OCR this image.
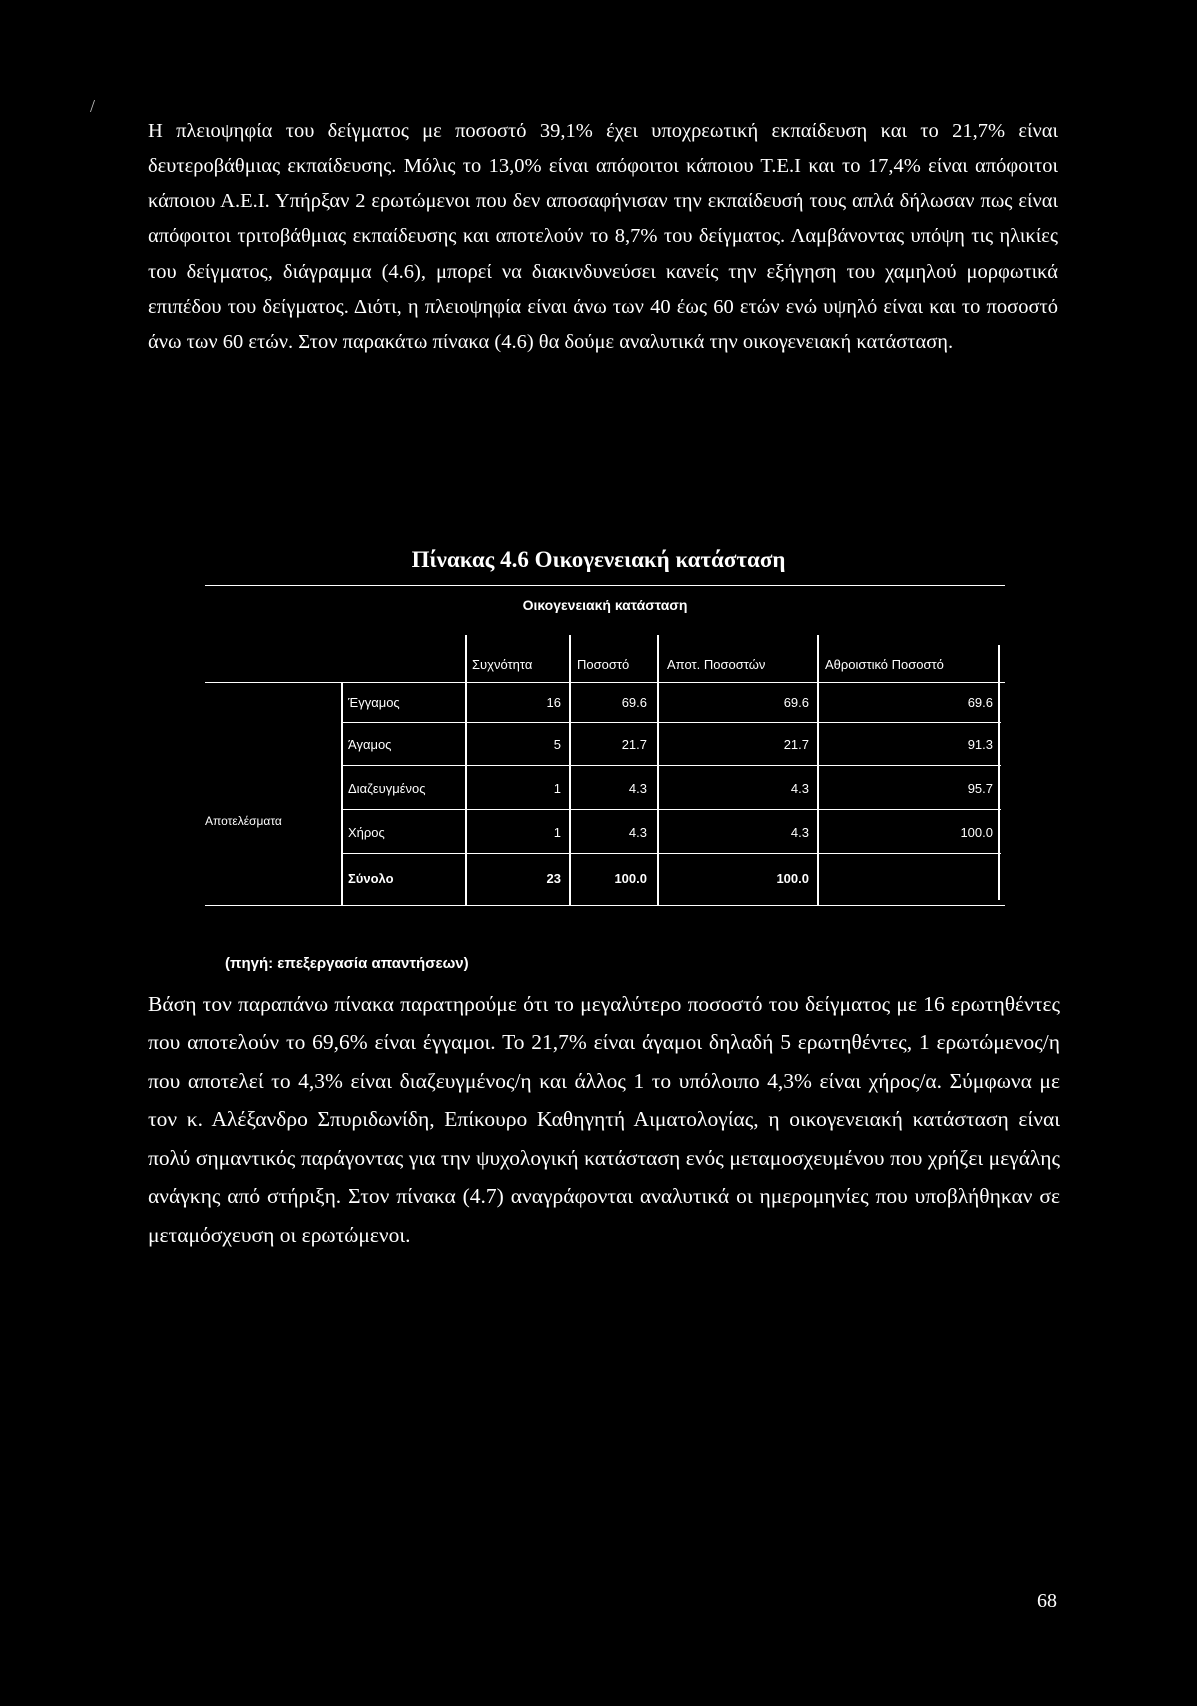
/

Η πλειοψηφία του δείγματος με ποσοστό 39,1% έχει υποχρεωτική εκπαίδευση και το 21,7% είναι δευτεροβάθμιας εκπαίδευσης. Μόλις το 13,0% είναι απόφοιτοι κάποιου Τ.Ε.Ι και το 17,4% είναι απόφοιτοι κάποιου Α.Ε.Ι. Υπήρξαν 2 ερωτώμενοι που δεν αποσαφήνισαν την εκπαίδευσή τους απλά δήλωσαν πως είναι απόφοιτοι τριτοβάθμιας εκπαίδευσης και αποτελούν το 8,7% του δείγματος. Λαμβάνοντας υπόψη τις ηλικίες του δείγματος, διάγραμμα (4.6), μπορεί να διακινδυνεύσει κανείς την εξήγηση του χαμηλού μορφωτικά επιπέδου του δείγματος. Διότι, η πλειοψηφία είναι άνω των 40 έως 60 ετών ενώ υψηλό είναι και το ποσοστό άνω των 60 ετών. Στον παρακάτω πίνακα (4.6) θα δούμε αναλυτικά την οικογενειακή κατάσταση.

Πίνακας 4.6 Οικογενειακή κατάσταση
Οικογενειακή κατάσταση
Συχνότητα	Ποσοστό	Αποτ. Ποσοστών	Αθροιστικό Ποσοστό
Αποτελέσματα
Έγγαμος	16	69.6	69.6	69.6
Άγαμος	5	21.7	21.7	91.3
Διαζευγμένος	1	4.3	4.3	95.7
Χήρος	1	4.3	4.3	100.0
Σύνολο	23	100.0	100.0
(πηγή: επεξεργασία απαντήσεων)

Βάση τον παραπάνω πίνακα παρατηρούμε ότι το μεγαλύτερο ποσοστό του δείγματος με 16 ερωτηθέντες που αποτελούν το 69,6% είναι έγγαμοι. Το 21,7% είναι άγαμοι δηλαδή 5 ερωτηθέντες, 1 ερωτώμενος/η που αποτελεί το 4,3% είναι διαζευγμένος/η και άλλος 1 το υπόλοιπο 4,3% είναι χήρος/α. Σύμφωνα με τον κ. Αλέξανδρο Σπυριδωνίδη, Επίκουρο Καθηγητή Αιματολογίας, η οικογενειακή κατάσταση είναι πολύ σημαντικός παράγοντας για την ψυχολογική κατάσταση ενός μεταμοσχευμένου που χρήζει μεγάλης ανάγκης από στήριξη. Στον πίνακα (4.7) αναγράφονται αναλυτικά οι ημερομηνίες που υποβλήθηκαν σε μεταμόσχευση οι ερωτώμενοι.

68
